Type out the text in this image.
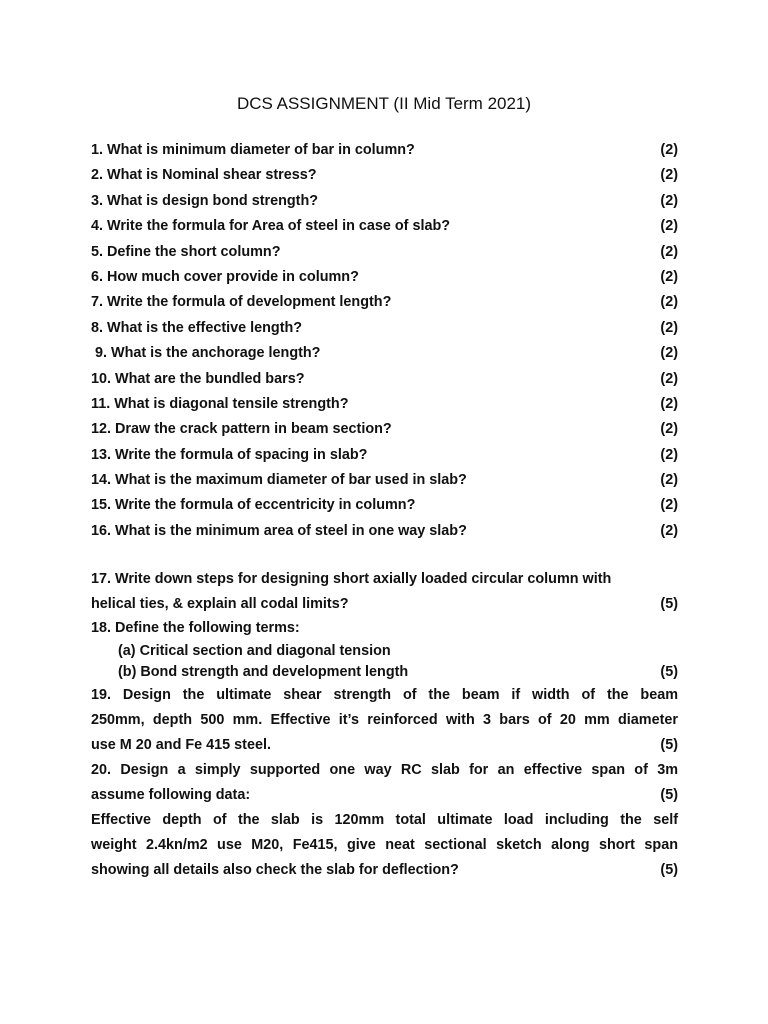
DCS ASSIGNMENT (II Mid Term 2021)
1. What is minimum diameter of bar in column?	(2)
2. What is Nominal shear stress?	(2)
3. What is design bond strength?	(2)
4. Write the formula for Area of steel in case of slab?	(2)
5. Define the short column?	(2)
6. How much cover provide in column?	(2)
7. Write the formula of development length?	(2)
8. What is the effective length?	(2)
9. What is the anchorage length?	(2)
10. What are the bundled bars?	(2)
11. What is diagonal tensile strength?	(2)
12. Draw the crack pattern in beam section?	(2)
13. Write the formula of spacing in slab?	(2)
14. What is the maximum diameter of bar used in slab?	(2)
15. Write the formula of eccentricity in column?	(2)
16. What is the minimum area of steel in one way slab?	(2)
17. Write down steps for designing short axially loaded circular column with
helical ties, & explain all codal limits?	(5)
18. Define the following terms:
(a) Critical section and diagonal tension
(b) Bond strength and development length	(5)
19. Design the ultimate shear strength of the beam if width of the beam
250mm, depth 500 mm. Effective it’s reinforced with 3 bars of 20 mm diameter
use M 20 and Fe 415 steel.	(5)
20. Design a simply supported one way RC slab for an effective span of 3m
assume following data:	(5)
Effective depth of the slab is 120mm total ultimate load including the self
weight 2.4kn/m2 use M20, Fe415, give neat sectional sketch along short span
showing all details also check the slab for deflection?	(5)
